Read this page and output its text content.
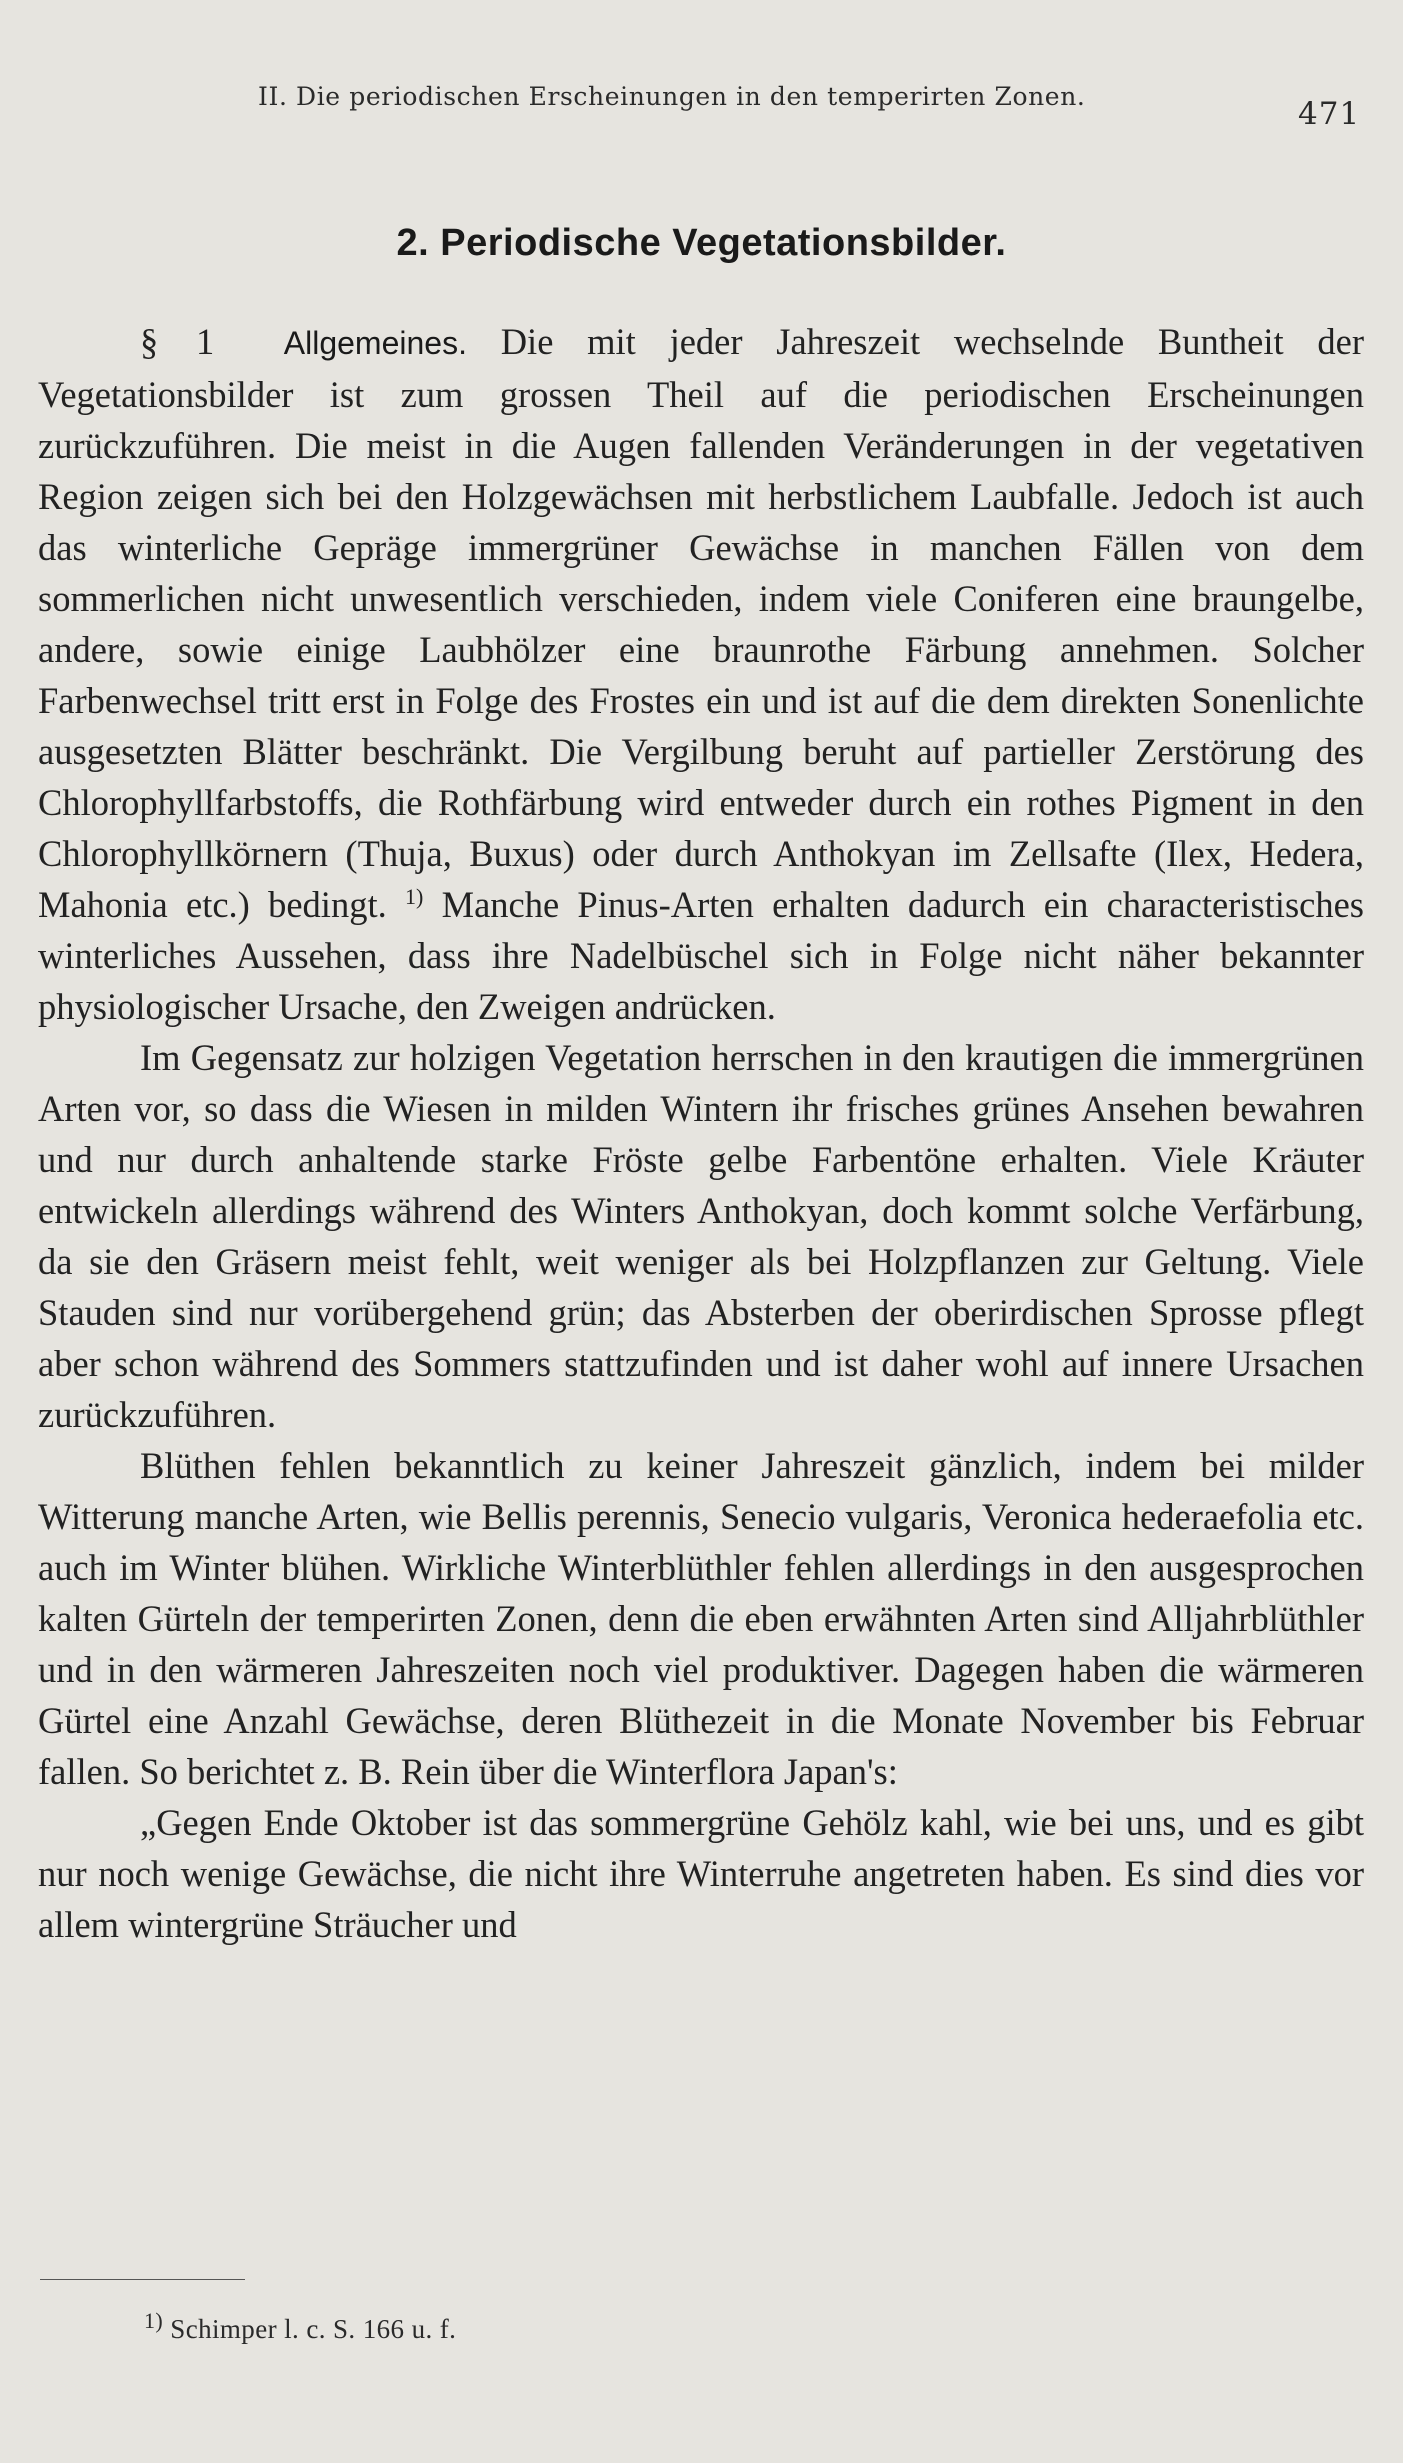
II. Die periodischen Erscheinungen in den temperirten Zonen.	471
2. Periodische Vegetationsbilder.

§ 1 Allgemeines. Die mit jeder Jahreszeit wechselnde Buntheit der Vegetationsbilder ist zum grossen Theil auf die periodischen Erscheinungen zurückzuführen. Die meist in die Augen fallenden Veränderungen in der vegetativen Region zeigen sich bei den Holzgewächsen mit herbstlichem Laubfalle. Jedoch ist auch das winterliche Gepräge immergrüner Gewächse in manchen Fällen von dem sommerlichen nicht unwesentlich verschieden, indem viele Coniferen eine braungelbe, andere, sowie einige Laubhölzer eine braunrothe Färbung annehmen. Solcher Farbenwechsel tritt erst in Folge des Frostes ein und ist auf die dem direkten Sonenlichte ausgesetzten Blätter beschränkt. Die Vergilbung beruht auf partieller Zerstörung des Chlorophyllfarbstoffs, die Rothfärbung wird entweder durch ein rothes Pigment in den Chlorophyllkörnern (Thuja, Buxus) oder durch Anthokyan im Zellsafte (Ilex, Hedera, Mahonia etc.) bedingt. $^{1)}$ Manche Pinus-Arten erhalten dadurch ein characteristisches winterliches Aussehen, dass ihre Nadelbüschel sich in Folge nicht näher bekannter physiologischer Ursache, den Zweigen andrücken.

Im Gegensatz zur holzigen Vegetation herrschen in den krautigen die immergrünen Arten vor, so dass die Wiesen in milden Wintern ihr frisches grünes Ansehen bewahren und nur durch anhaltende starke Fröste gelbe Farbentöne erhalten. Viele Kräuter entwickeln allerdings während des Winters Anthokyan, doch kommt solche Verfärbung, da sie den Gräsern meist fehlt, weit weniger als bei Holzpflanzen zur Geltung. Viele Stauden sind nur vorübergehend grün; das Absterben der oberirdischen Sprosse pflegt aber schon während des Sommers stattzufinden und ist daher wohl auf innere Ursachen zurückzuführen.

Blüthen fehlen bekanntlich zu keiner Jahreszeit gänzlich, indem bei milder Witterung manche Arten, wie Bellis perennis, Senecio vulgaris, Veronica hederaefolia etc. auch im Winter blühen. Wirkliche Winterblüthler fehlen allerdings in den ausgesprochen kalten Gürteln der temperirten Zonen, denn die eben erwähnten Arten sind Alljahrblüthler und in den wärmeren Jahreszeiten noch viel produktiver. Dagegen haben die wärmeren Gürtel eine Anzahl Gewächse, deren Blüthezeit in die Monate November bis Februar fallen. So berichtet z. B. Rein über die Winterflora Japan's:

„Gegen Ende Oktober ist das sommergrüne Gehölz kahl, wie bei uns, und es gibt nur noch wenige Gewächse, die nicht ihre Winterruhe angetreten haben. Es sind dies vor allem wintergrüne Sträucher und

$^{1)}$ Schimper l. c. S. 166 u. f.
